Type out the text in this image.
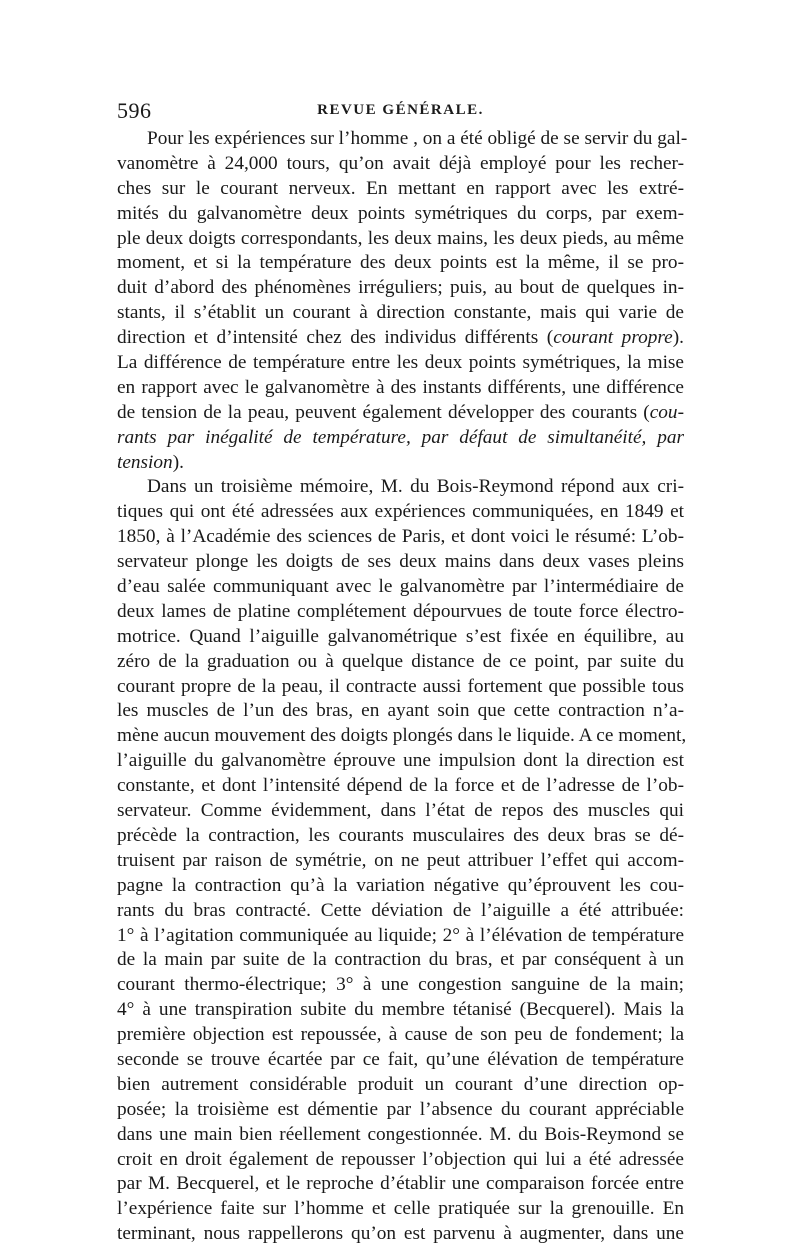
596	REVUE GÉNÉRALE.
Pour les expériences sur l’homme , on a été obligé de se servir du gal-
vanomètre à 24,000 tours, qu’on avait déjà employé pour les recher-
ches sur le courant nerveux. En mettant en rapport avec les extré-
mités du galvanomètre deux points symétriques du corps, par exem-
ple deux doigts correspondants, les deux mains, les deux pieds, au même
moment, et si la température des deux points est la même, il se pro-
duit d’abord des phénomènes irréguliers; puis, au bout de quelques in-
stants, il s’établit un courant à direction constante, mais qui varie de
direction et d’intensité chez des individus différents (courant propre).
La différence de température entre les deux points symétriques, la mise
en rapport avec le galvanomètre à des instants différents, une différence
de tension de la peau, peuvent également développer des courants (cou-
rants par inégalité de température, par défaut de simultanéité, par
tension).
Dans un troisième mémoire, M. du Bois-Reymond répond aux cri-
tiques qui ont été adressées aux expériences communiquées, en 1849 et
1850, à l’Académie des sciences de Paris, et dont voici le résumé: L’ob-
servateur plonge les doigts de ses deux mains dans deux vases pleins
d’eau salée communiquant avec le galvanomètre par l’intermédiaire de
deux lames de platine complétement dépourvues de toute force électro-
motrice. Quand l’aiguille galvanométrique s’est fixée en équilibre, au
zéro de la graduation ou à quelque distance de ce point, par suite du
courant propre de la peau, il contracte aussi fortement que possible tous
les muscles de l’un des bras, en ayant soin que cette contraction n’a-
mène aucun mouvement des doigts plongés dans le liquide. A ce moment,
l’aiguille du galvanomètre éprouve une impulsion dont la direction est
constante, et dont l’intensité dépend de la force et de l’adresse de l’ob-
servateur. Comme évidemment, dans l’état de repos des muscles qui
précède la contraction, les courants musculaires des deux bras se dé-
truisent par raison de symétrie, on ne peut attribuer l’effet qui accom-
pagne la contraction qu’à la variation négative qu’éprouvent les cou-
rants du bras contracté. Cette déviation de l’aiguille a été attribuée:
1° à l’agitation communiquée au liquide; 2° à l’élévation de température
de la main par suite de la contraction du bras, et par conséquent à un
courant thermo-électrique; 3° à une congestion sanguine de la main;
4° à une transpiration subite du membre tétanisé (Becquerel). Mais la
première objection est repoussée, à cause de son peu de fondement; la
seconde se trouve écartée par ce fait, qu’une élévation de température
bien autrement considérable produit un courant d’une direction op-
posée; la troisième est démentie par l’absence du courant appréciable
dans une main bien réellement congestionnée. M. du Bois-Reymond se
croit en droit également de repousser l’objection qui lui a été adressée
par M. Becquerel, et le reproche d’établir une comparaison forcée entre
l’expérience faite sur l’homme et celle pratiquée sur la grenouille. En
terminant, nous rappellerons qu’on est parvenu à augmenter, dans une
